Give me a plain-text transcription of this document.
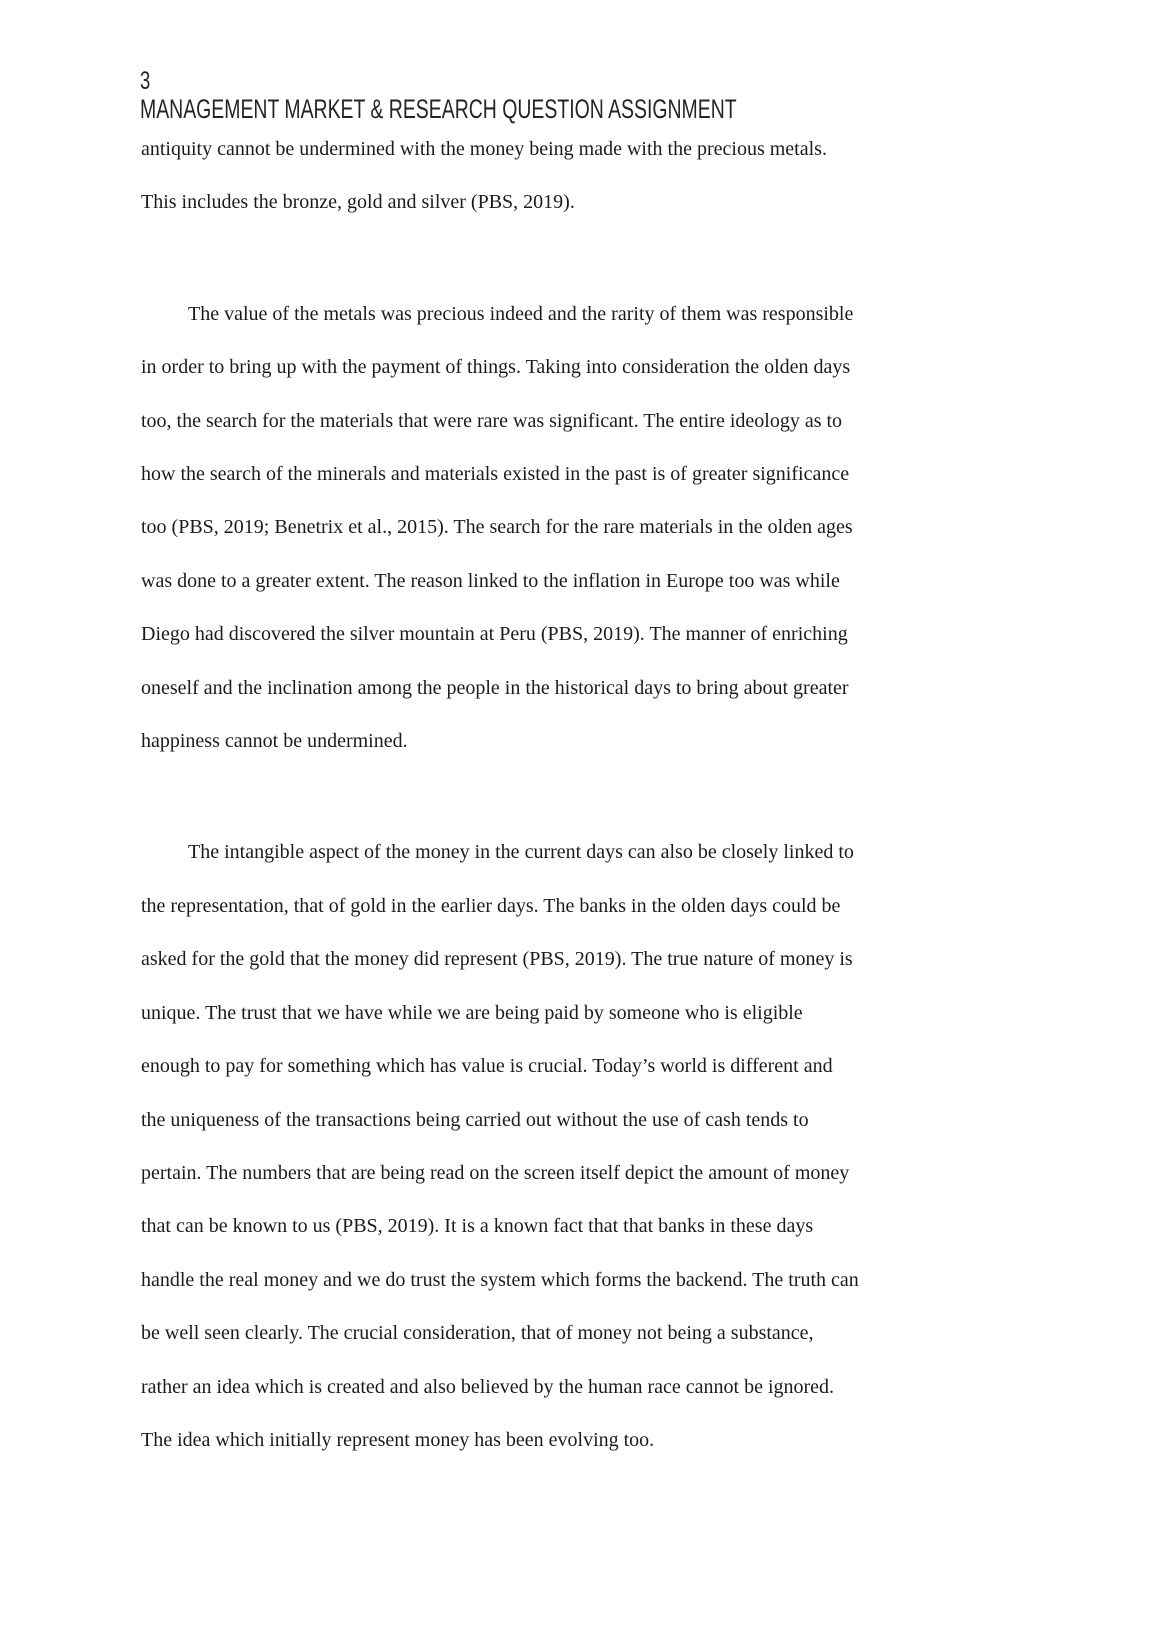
3
MANAGEMENT MARKET & RESEARCH QUESTION ASSIGNMENT
antiquity cannot be undermined with the money being made with the precious metals.
This includes the bronze, gold and silver (PBS, 2019).
The value of the metals was precious indeed and the rarity of them was responsible
in order to bring up with the payment of things. Taking into consideration the olden days
too, the search for the materials that were rare was significant. The entire ideology as to
how the search of the minerals and materials existed in the past is of greater significance
too (PBS, 2019; Benetrix et al., 2015). The search for the rare materials in the olden ages
was done to a greater extent. The reason linked to the inflation in Europe too was while
Diego had discovered the silver mountain at Peru (PBS, 2019). The manner of enriching
oneself and the inclination among the people in the historical days to bring about greater
happiness cannot be undermined.
The intangible aspect of the money in the current days can also be closely linked to
the representation, that of gold in the earlier days. The banks in the olden days could be
asked for the gold that the money did represent (PBS, 2019). The true nature of money is
unique. The trust that we have while we are being paid by someone who is eligible
enough to pay for something which has value is crucial. Today’s world is different and
the uniqueness of the transactions being carried out without the use of cash tends to
pertain. The numbers that are being read on the screen itself depict the amount of money
that can be known to us (PBS, 2019). It is a known fact that that banks in these days
handle the real money and we do trust the system which forms the backend. The truth can
be well seen clearly. The crucial consideration, that of money not being a substance,
rather an idea which is created and also believed by the human race cannot be ignored.
The idea which initially represent money has been evolving too.
